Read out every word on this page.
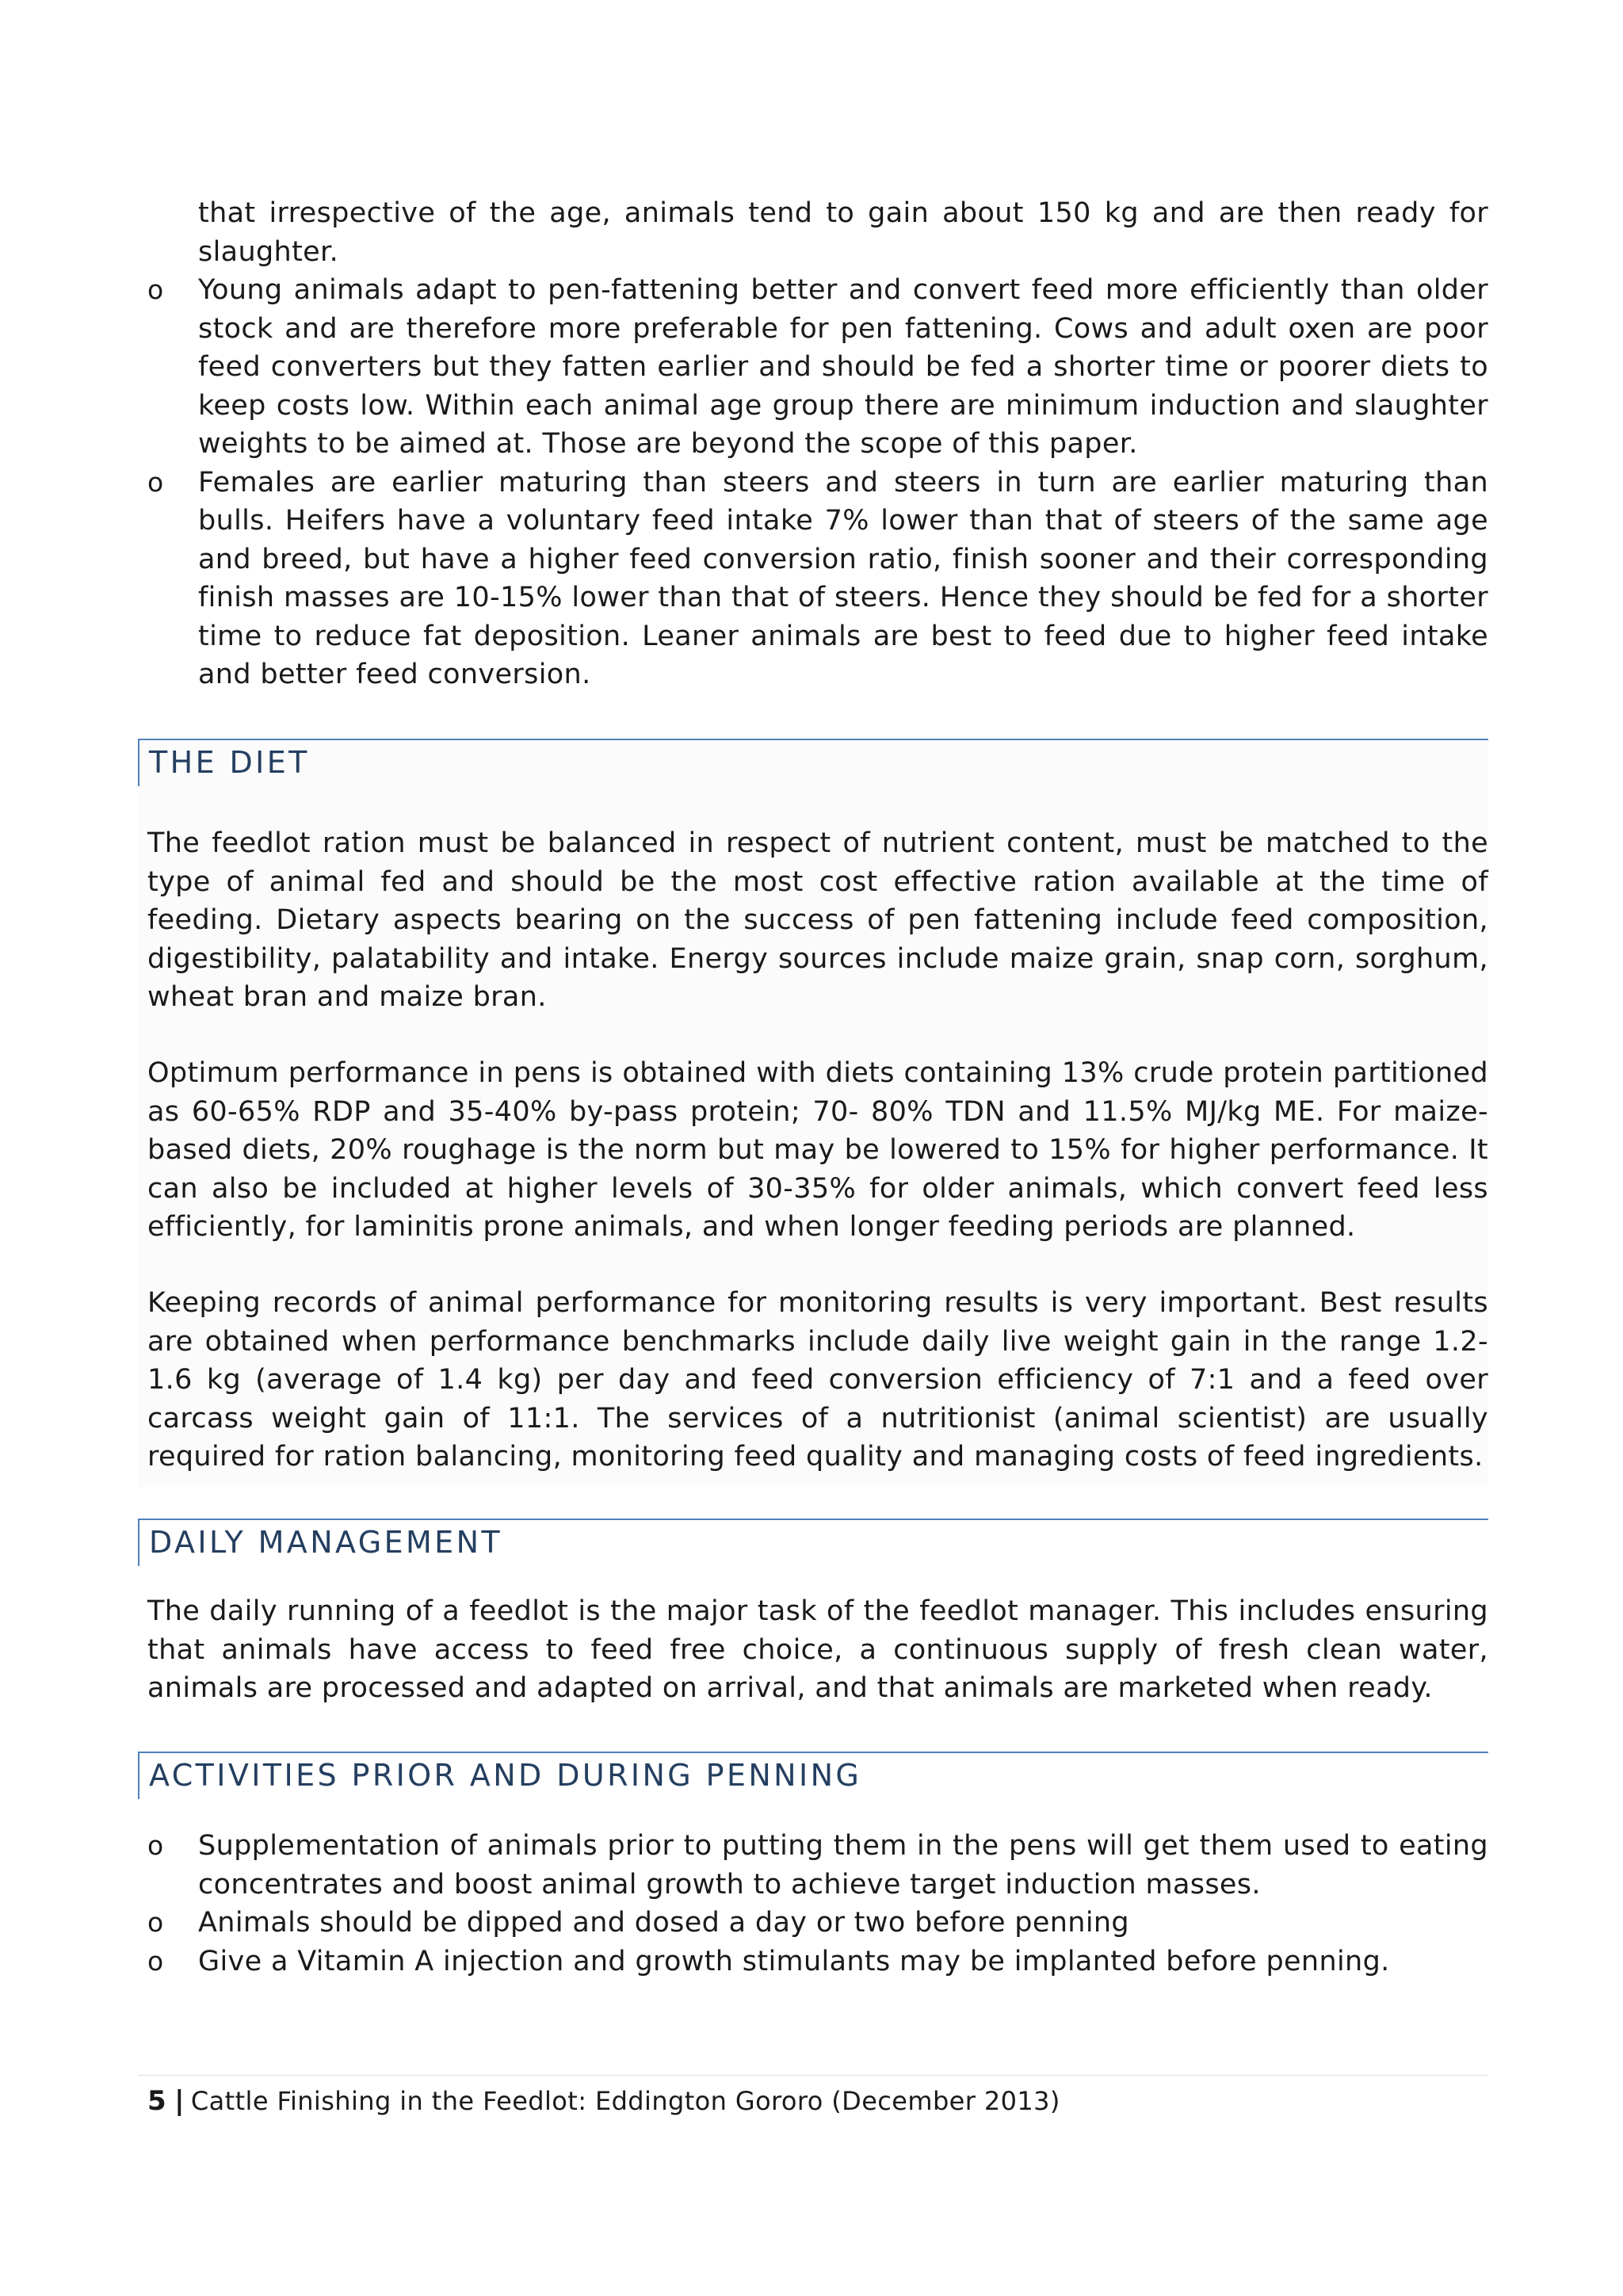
that irrespective of the age, animals tend to gain about 150 kg and are then ready for slaughter.

o Young animals adapt to pen-fattening better and convert feed more efficiently than older stock and are therefore more preferable for pen fattening. Cows and adult oxen are poor feed converters but they fatten earlier and should be fed a shorter time or poorer diets to keep costs low. Within each animal age group there are minimum induction and slaughter weights to be aimed at. Those are beyond the scope of this paper.
o Females are earlier maturing than steers and steers in turn are earlier maturing than bulls. Heifers have a voluntary feed intake 7% lower than that of steers of the same age and breed, but have a higher feed conversion ratio, finish sooner and their corresponding finish masses are 10-15% lower than that of steers. Hence they should be fed for a shorter time to reduce fat deposition. Leaner animals are best to feed due to higher feed intake and better feed conversion.
THE DIET

The feedlot ration must be balanced in respect of nutrient content, must be matched to the type of animal fed and should be the most cost effective ration available at the time of feeding. Dietary aspects bearing on the success of pen fattening include feed composition, digestibility, palatability and intake. Energy sources include maize grain, snap corn, sorghum, wheat bran and maize bran.

Optimum performance in pens is obtained with diets containing 13% crude protein partitioned as 60-65% RDP and 35-40% by-pass protein; 70- 80% TDN and 11.5% MJ/kg ME. For maize-based diets, 20% roughage is the norm but may be lowered to 15% for higher performance. It can also be included at higher levels of 30-35% for older animals, which convert feed less efficiently, for laminitis prone animals, and when longer feeding periods are planned.

Keeping records of animal performance for monitoring results is very important. Best results are obtained when performance benchmarks include daily live weight gain in the range 1.2-1.6 kg (average of 1.4 kg) per day and feed conversion efficiency of 7:1 and a feed over carcass weight gain of 11:1. The services of a nutritionist (animal scientist) are usually required for ration balancing, monitoring feed quality and managing costs of feed ingredients.

DAILY MANAGEMENT

The daily running of a feedlot is the major task of the feedlot manager. This includes ensuring that animals have access to feed free choice, a continuous supply of fresh clean water, animals are processed and adapted on arrival, and that animals are marketed when ready.

ACTIVITIES PRIOR AND DURING PENNING
o Supplementation of animals prior to putting them in the pens will get them used to eating concentrates and boost animal growth to achieve target induction masses.
o Animals should be dipped and dosed a day or two before penning
o Give a Vitamin A injection and growth stimulants may be implanted before penning.
5 | Cattle Finishing in the Feedlot: Eddington Gororo (December 2013)
